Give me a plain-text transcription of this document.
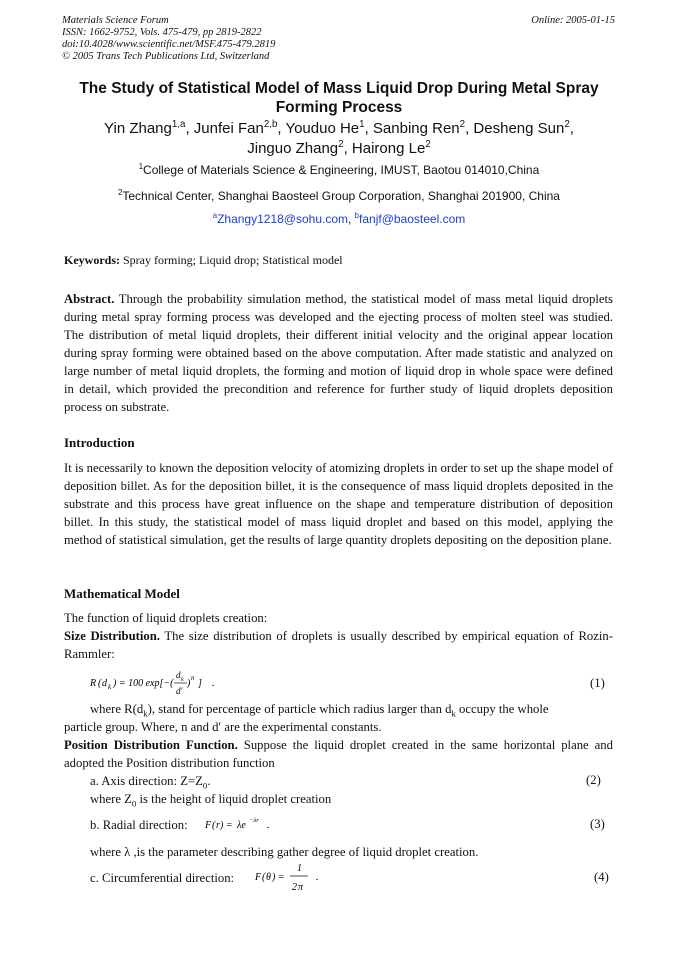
Materials Science Forum
ISSN: 1662-9752, Vols. 475-479, pp 2819-2822
doi:10.4028/www.scientific.net/MSF.475-479.2819
© 2005 Trans Tech Publications Ltd, Switzerland
Online: 2005-01-15
The Study of Statistical Model of Mass Liquid Drop During Metal Spray
Forming Process
Yin Zhang$^{1,a}$, Junfei Fan$^{2,b}$, Youduo He$^1$, Sanbing Ren$^2$, Desheng Sun$^2$,
Jinguo Zhang$^2$, Hairong Le$^2$
$^1$College of Materials Science & Engineering, IMUST, Baotou 014010,China
$^2$Technical Center, Shanghai Baosteel Group Corporation, Shanghai 201900, China
$^a$Zhangy1218@sohu.com, $^b$fanjf@baosteel.com
Keywords: Spray forming; Liquid drop; Statistical model
Abstract. Through the probability simulation method, the statistical model of mass metal liquid droplets during metal spray forming process was developed and the ejecting process of molten steel was studied. The distribution of metal liquid droplets, their different initial velocity and the original appear location during spray forming were obtained based on the above computation. After made statistic and analyzed on large number of metal liquid droplets, the forming and motion of liquid drop in whole space were defined in detail, which provided the precondition and reference for further study of liquid droplets deposition process on substrate.
Introduction
It is necessarily to known the deposition velocity of atomizing droplets in order to set up the shape model of deposition billet. As for the deposition billet, it is the consequence of mass liquid droplets deposited in the substrate and this process have great influence on the shape and temperature distribution of deposition billet. In this study, the statistical model of mass liquid droplet and based on this model, applying the method of statistical simulation, get the results of large quantity droplets depositing on the deposition plane.
Mathematical Model
The function of liquid droplets creation:
Size Distribution. The size distribution of droplets is usually described by empirical equation of Rozin-Rammler:
R ( d k ) = 100 exp[−(
d k
d′
) n ] .	(1)
where $R(d_k)$, stand for percentage of particle which radius larger than $d_k$ occupy the whole
particle group. Where, n and d′ are the experimental constants.
Position Distribution Function. Suppose the liquid droplet created in the same horizontal plane and adopted the Position distribution function
a. Axis direction: $Z=Z_0$.	(2)
where $Z_0$ is the height of liquid droplet creation
b. Radial direction: F ( r ) = λe −λr .	(3)
where λ ,is the parameter describing gather degree of liquid droplet creation.
c. Circumferential direction: F ( θ ) =
1
2 π
.	(4)
